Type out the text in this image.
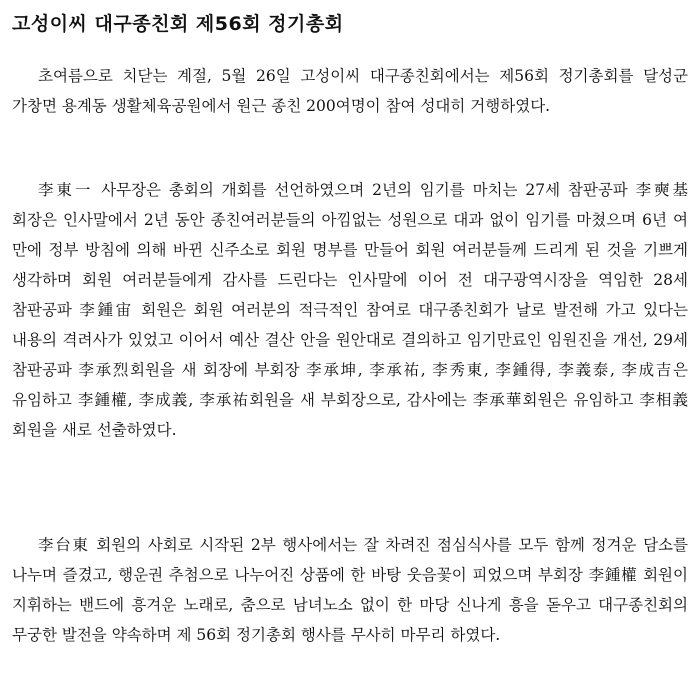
고성이씨 대구종친회 제56회 정기총회

초여름으로 치닫는 계절, 5월 26일 고성이씨 대구종친회에서는 제56회 정기총회를 달성군 가창면 용계동 생활체육공원에서 원근 종친 200여명이 참여 성대히 거행하였다.

李東一 사무장은 총회의 개회를 선언하였으며 2년의 임기를 마치는 27세 참판공파 李奭基 회장은 인사말에서 2년 동안 종친여러분들의 아낌없는 성원으로 대과 없이 임기를 마쳤으며 6년 여 만에 정부 방침에 의해 바뀐 신주소로 회원 명부를 만들어 회원 여러분들께 드리게 된 것을 기쁘게 생각하며 회원 여러분들에게 감사를 드린다는 인사말에 이어 전 대구광역시장을 역임한 28세 참판공파 李鍾宙 회원은 회원 여러분의 적극적인 참여로 대구종친회가 날로 발전해 가고 있다는 내용의 격려사가 있었고 이어서 예산 결산 안을 원안대로 결의하고 임기만료인 임원진을 개선, 29세 참판공파 李承烈회원을 새 회장에 부회장 李承坤, 李承祐, 李秀東, 李鍾得, 李義泰, 李成吉은 유임하고 李鍾權, 李成義, 李承祐회원을 새 부회장으로, 감사에는 李承華회원은 유임하고 李相義 회원을 새로 선출하였다.

李台東 회원의 사회로 시작된 2부 행사에서는 잘 차려진 점심식사를 모두 함께 정겨운 담소를 나누며 즐겼고, 행운권 추첨으로 나누어진 상품에 한 바탕 웃음꽃이 피었으며 부회장 李鍾權 회원이 지휘하는 밴드에 흥겨운 노래로, 춤으로 남녀노소 없이 한 마당 신나게 흥을 돋우고 대구종친회의 무궁한 발전을 약속하며 제 56회 정기총회 행사를 무사히 마무리 하였다.
